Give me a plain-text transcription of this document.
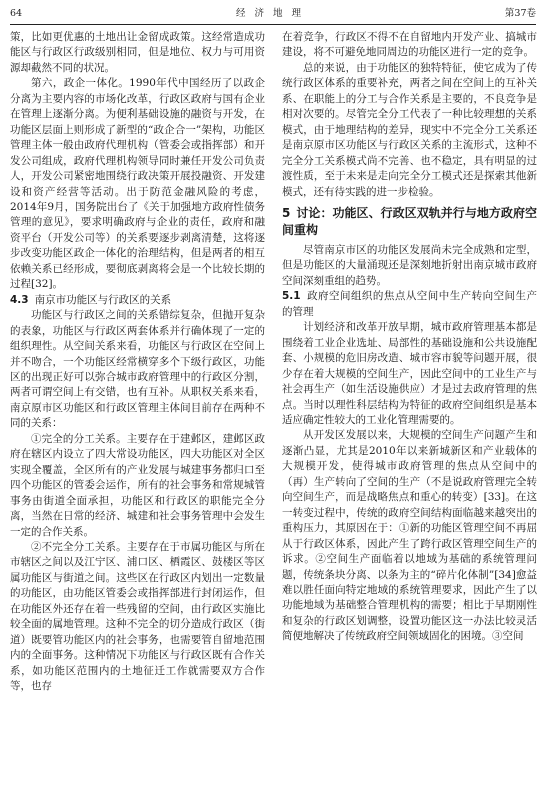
64	经济地理	第37卷

策，比如更优惠的土地出让金留成政策。这经常造成功能区与行政区行政级别相同，但是地位、权力与可用资源却截然不同的状况。

第六，政企一体化。1990年代中国经历了以政企分离为主要内容的市场化改革，行政区政府与国有企业在管理上逐渐分离。为便利基础设施的融资与开发，在功能区层面上则形成了新型的“政企合一”架构，功能区管理主体一般由政府代理机构（管委会或指挥部）和开发公司组成，政府代理机构领导同时兼任开发公司负责人，开发公司紧密地围绕行政决策开展投融资、开发建设和资产经营等活动。出于防范金融风险的考虑，2014年9月，国务院出台了《关于加强地方政府性债务管理的意见》，要求明确政府与企业的责任，政府和融资平台（开发公司等）的关系要逐步剥离清楚，这将逐步改变功能区政企一体化的治理结构，但是两者的相互依赖关系已经形成，要彻底剥离将会是一个比较长期的过程[32]。

4.3 南京市功能区与行政区的关系

功能区与行政区之间的关系错综复杂，但抛开复杂的表象，功能区与行政区两套体系并行确体现了一定的组织理性。从空间关系来看，功能区与行政区在空间上并不吻合，一个功能区经常横穿多个下级行政区，功能区的出现正好可以弥合城市政府管理中的行政区分割，两者可谓空间上有交错，也有互补。从职权关系来看，南京原市区功能区和行政区管理主体间目前存在两种不同的关系：

①完全的分工关系。主要存在于建邺区，建邺区政府在辖区内设立了四大常设功能区，四大功能区对全区实现全覆盖，全区所有的产业发展与城建事务都归口至四个功能区的管委会运作，所有的社会事务和常规城管事务由街道全面承担，功能区和行政区的职能完全分离，当然在日常的经济、城建和社会事务管理中会发生一定的合作关系。

②不完全分工关系。主要存在于市属功能区与所在市辖区之间以及江宁区、浦口区、栖霞区、鼓楼区等区属功能区与街道之间。这些区在行政区内划出一定数量的功能区，由功能区管委会或指挥部进行封闭运作，但在功能区外还存在着一些残留的空间，由行政区实施比较全面的属地管理。这种不完全的切分造成行政区（街道）既要管功能区内的社会事务，也需要管自留地范围内的全面事务。这种情况下功能区与行政区既有合作关系，如功能区范围内的土地征迁工作就需要双方合作等，也存

在着竞争，行政区不得不在自留地内开发产业、搞城市建设，将不可避免地同周边的功能区进行一定的竞争。

总的来说，由于功能区的独特特征，使它成为了传统行政区体系的重要补充，两者之间在空间上的互补关系、在职能上的分工与合作关系是主要的，不良竞争是相对次要的。尽管完全分工代表了一种比较理想的关系模式，由于地理结构的差异，现实中不完全分工关系还是南京原市区功能区与行政区关系的主流形式，这种不完全分工关系模式尚不完善、也不稳定，具有明显的过渡性质，至于未来是走向完全分工模式还是探索其他新模式，还有待实践的进一步检验。

5 讨论：功能区、行政区双轨并行与地方政府空间重构

尽管南京市区的功能区发展尚未完全成熟和定型，但是功能区的大量涌现还是深刻地折射出南京城市政府空间深刻重组的趋势。

5.1 政府空间组织的焦点从空间中生产转向空间生产的管理

计划经济和改革开放早期，城市政府管理基本都是围绕着工业企业选址、局部性的基础设施和公共设施配套、小规模的危旧房改造、城市容市貌等问题开展，很少存在着大规模的空间生产，因此空间中的工业生产与社会再生产（如生活设施供应）才是过去政府管理的焦点。当时以理性科层结构为特征的政府空间组织是基本适应确定性较大的工业化管理需要的。

从开发区发展以来，大规模的空间生产问题产生和逐渐凸显，尤其是2010年以来新城新区和产业载体的大规模开发，使得城市政府管理的焦点从空间中的（再）生产转向了空间的生产（不是说政府管理完全转向空间生产，而是战略焦点和重心的转变）[33]。在这一转变过程中，传统的政府空间结构面临越来越突出的重构压力，其原因在于：①新的功能区管理空间不再屈从于行政区体系，因此产生了跨行政区管理空间生产的诉求。②空间生产面临着以地域为基础的系统管理问题，传统条块分离、以条为主的“碎片化体制”[34]愈益难以胜任面向特定地域的系统管理要求，因此产生了以功能地域为基础整合管理机构的需要；相比于早期刚性和复杂的行政区划调整，设置功能区这一办法比较灵活简便地解决了传统政府空间领域固化的困境。③空间
